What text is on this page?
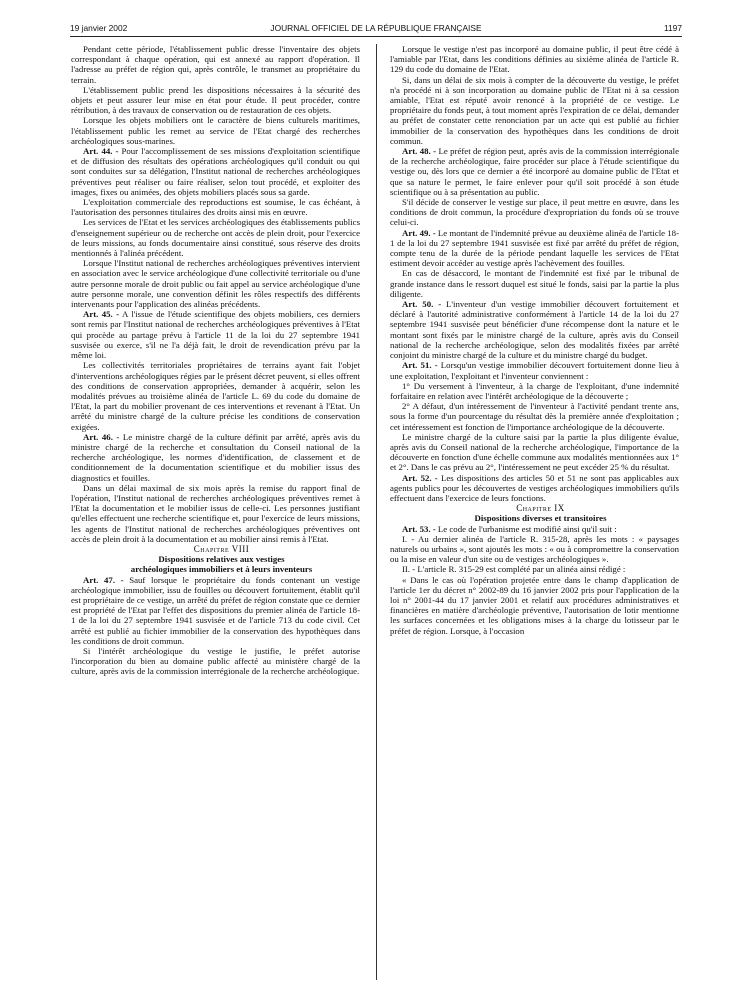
19 janvier 2002	JOURNAL OFFICIEL DE LA RÉPUBLIQUE FRANÇAISE	1197

Pendant cette période, l'établissement public dresse l'inventaire des objets correspondant à chaque opération, qui est annexé au rapport d'opération. Il l'adresse au préfet de région qui, après contrôle, le transmet au propriétaire du terrain.

L'établissement public prend les dispositions nécessaires à la sécurité des objets et peut assurer leur mise en état pour étude. Il peut procéder, contre rétribution, à des travaux de conservation ou de restauration de ces objets.

Lorsque les objets mobiliers ont le caractère de biens culturels maritimes, l'établissement public les remet au service de l'Etat chargé des recherches archéologiques sous-marines.

Art. 44. - Pour l'accomplissement de ses missions d'exploitation scientifique et de diffusion des résultats des opérations archéologiques qu'il conduit ou qui sont conduites sur sa délégation, l'Institut national de recherches archéologiques préventives peut réaliser ou faire réaliser, selon tout procédé, et exploiter des images, fixes ou animées, des objets mobiliers placés sous sa garde.

L'exploitation commerciale des reproductions est soumise, le cas échéant, à l'autorisation des personnes titulaires des droits ainsi mis en œuvre.

Les services de l'Etat et les services archéologiques des établissements publics d'enseignement supérieur ou de recherche ont accès de plein droit, pour l'exercice de leurs missions, au fonds documentaire ainsi constitué, sous réserve des droits mentionnés à l'alinéa précédent.

Lorsque l'Institut national de recherches archéologiques préventives intervient en association avec le service archéologique d'une collectivité territoriale ou d'une autre personne morale de droit public ou fait appel au service archéologique d'une autre personne morale, une convention définit les rôles respectifs des différents intervenants pour l'application des alinéas précédents.

Art. 45. - A l'issue de l'étude scientifique des objets mobiliers, ces derniers sont remis par l'Institut national de recherches archéologiques préventives à l'Etat qui procède au partage prévu à l'article 11 de la loi du 27 septembre 1941 susvisée ou exerce, s'il ne l'a déjà fait, le droit de revendication prévu par la même loi.

Les collectivités territoriales propriétaires de terrains ayant fait l'objet d'interventions archéologiques régies par le présent décret peuvent, si elles offrent des conditions de conservation appropriées, demander à acquérir, selon les modalités prévues au troisième alinéa de l'article L. 69 du code du domaine de l'Etat, la part du mobilier provenant de ces interventions et revenant à l'Etat. Un arrêté du ministre chargé de la culture précise les conditions de conservation exigées.

Art. 46. - Le ministre chargé de la culture définit par arrêté, après avis du ministre chargé de la recherche et consultation du Conseil national de la recherche archéologique, les normes d'identification, de classement et de conditionnement de la documentation scientifique et du mobilier issus des diagnostics et fouilles.

Dans un délai maximal de six mois après la remise du rapport final de l'opération, l'Institut national de recherches archéologiques préventives remet à l'Etat la documentation et le mobilier issus de celle-ci. Les personnes justifiant qu'elles effectuent une recherche scientifique et, pour l'exercice de leurs missions, les agents de l'Institut national de recherches archéologiques préventives ont accès de plein droit à la documentation et au mobilier ainsi remis à l'Etat.

Chapitre VIII

Dispositions relatives aux vestiges
archéologiques immobiliers et à leurs inventeurs

Art. 47. - Sauf lorsque le propriétaire du fonds contenant un vestige archéologique immobilier, issu de fouilles ou découvert fortuitement, établit qu'il est propriétaire de ce vestige, un arrêté du préfet de région constate que ce dernier est propriété de l'Etat par l'effet des dispositions du premier alinéa de l'article 18-1 de la loi du 27 septembre 1941 susvisée et de l'article 713 du code civil. Cet arrêté est publié au fichier immobilier de la conservation des hypothèques dans les conditions de droit commun.

Si l'intérêt archéologique du vestige le justifie, le préfet autorise l'incorporation du bien au domaine public affecté au ministère chargé de la culture, après avis de la commission interrégionale de la recherche archéologique.

Lorsque le vestige n'est pas incorporé au domaine public, il peut être cédé à l'amiable par l'Etat, dans les conditions définies au sixième alinéa de l'article R. 129 du code du domaine de l'Etat.

Si, dans un délai de six mois à compter de la découverte du vestige, le préfet n'a procédé ni à son incorporation au domaine public de l'Etat ni à sa cession amiable, l'Etat est réputé avoir renoncé à la propriété de ce vestige. Le propriétaire du fonds peut, à tout moment après l'expiration de ce délai, demander au préfet de constater cette renonciation par un acte qui est publié au fichier immobilier de la conservation des hypothèques dans les conditions de droit commun.

Art. 48. - Le préfet de région peut, après avis de la commission interrégionale de la recherche archéologique, faire procéder sur place à l'étude scientifique du vestige ou, dès lors que ce dernier a été incorporé au domaine public de l'Etat et que sa nature le permet, le faire enlever pour qu'il soit procédé à son étude scientifique ou à sa présentation au public.

S'il décide de conserver le vestige sur place, il peut mettre en œuvre, dans les conditions de droit commun, la procédure d'expropriation du fonds où se trouve celui-ci.

Art. 49. - Le montant de l'indemnité prévue au deuxième alinéa de l'article 18-1 de la loi du 27 septembre 1941 susvisée est fixé par arrêté du préfet de région, compte tenu de la durée de la période pendant laquelle les services de l'Etat estiment devoir accéder au vestige après l'achèvement des fouilles.

En cas de désaccord, le montant de l'indemnité est fixé par le tribunal de grande instance dans le ressort duquel est situé le fonds, saisi par la partie la plus diligente.

Art. 50. - L'inventeur d'un vestige immobilier découvert fortuitement et déclaré à l'autorité administrative conformément à l'article 14 de la loi du 27 septembre 1941 susvisée peut bénéficier d'une récompense dont la nature et le montant sont fixés par le ministre chargé de la culture, après avis du Conseil national de la recherche archéologique, selon des modalités fixées par arrêté conjoint du ministre chargé de la culture et du ministre chargé du budget.

Art. 51. - Lorsqu'un vestige immobilier découvert fortuitement donne lieu à une exploitation, l'exploitant et l'inventeur conviennent :

1° Du versement à l'inventeur, à la charge de l'exploitant, d'une indemnité forfaitaire en relation avec l'intérêt archéologique de la découverte ;

2° A défaut, d'un intéressement de l'inventeur à l'activité pendant trente ans, sous la forme d'un pourcentage du résultat dès la première année d'exploitation ; cet intéressement est fonction de l'importance archéologique de la découverte.

Le ministre chargé de la culture saisi par la partie la plus diligente évalue, après avis du Conseil national de la recherche archéologique, l'importance de la découverte en fonction d'une échelle commune aux modalités mentionnées aux 1° et 2°. Dans le cas prévu au 2°, l'intéressement ne peut excéder 25 % du résultat.

Art. 52. - Les dispositions des articles 50 et 51 ne sont pas applicables aux agents publics pour les découvertes de vestiges archéologiques immobiliers qu'ils effectuent dans l'exercice de leurs fonctions.

Chapitre IX

Dispositions diverses et transitoires

Art. 53. - Le code de l'urbanisme est modifié ainsi qu'il suit :

I. - Au dernier alinéa de l'article R. 315-28, après les mots : « paysages naturels ou urbains », sont ajoutés les mots : « ou à compromettre la conservation ou la mise en valeur d'un site ou de vestiges archéologiques ».

II. - L'article R. 315-29 est complété par un alinéa ainsi rédigé :

« Dans le cas où l'opération projetée entre dans le champ d'application de l'article 1er du décret n° 2002-89 du 16 janvier 2002 pris pour l'application de la loi n° 2001-44 du 17 janvier 2001 et relatif aux procédures administratives et financières en matière d'archéologie préventive, l'autorisation de lotir mentionne les surfaces concernées et les obligations mises à la charge du lotisseur par le préfet de région. Lorsque, à l'occasion
